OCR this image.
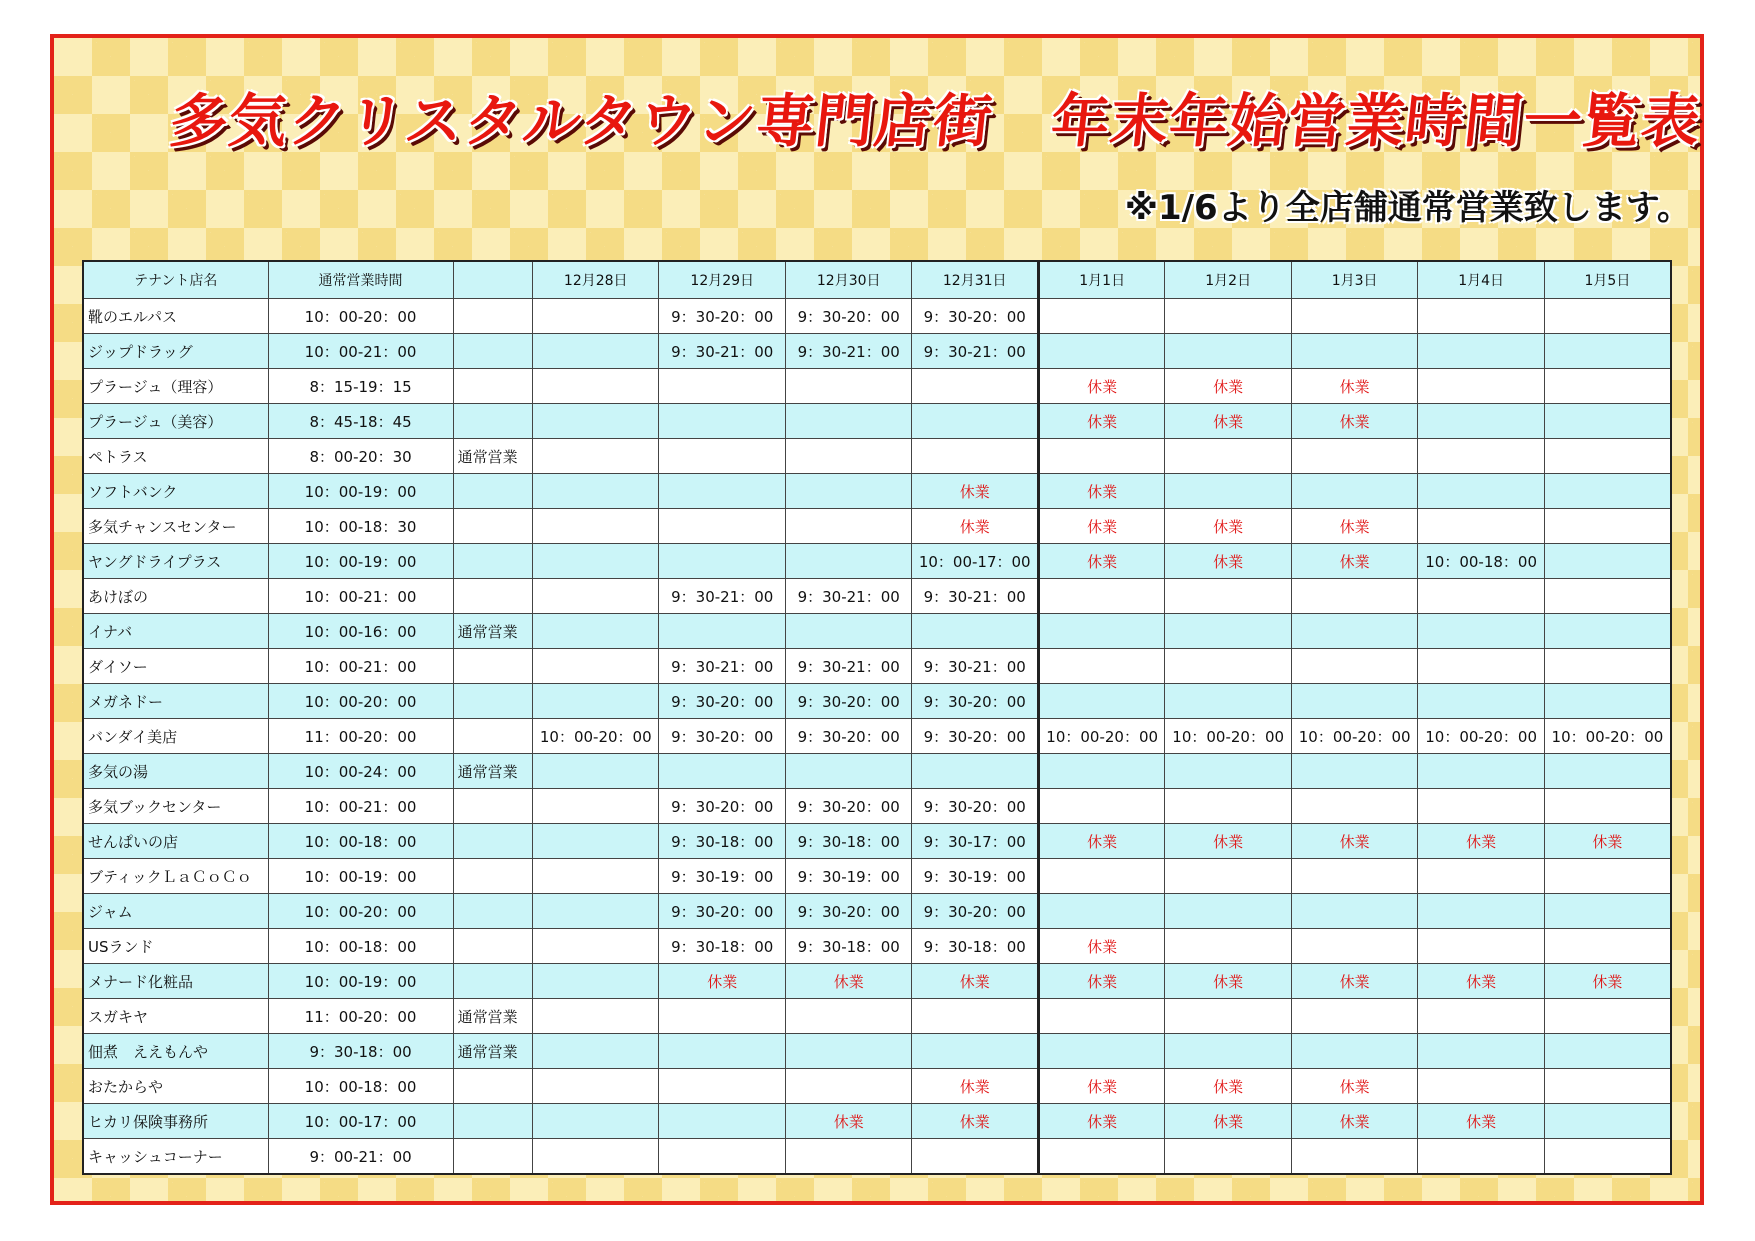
多気クリスタルタウン専門店街　年末年始営業時間一覧表
※1/6より全店舗通常営業致します。
テナント店名	通常営業時間		12月28日	12月29日	12月30日	12月31日	1月1日	1月2日	1月3日	1月4日	1月5日
靴のエルパス	10：00-20：00			9：30-20：00	9：30-20：00	9：30-20：00					
ジップドラッグ	10：00-21：00			9：30-21：00	9：30-21：00	9：30-21：00					
プラージュ（理容）	8：15-19：15						休業	休業	休業		
プラージュ（美容）	8：45-18：45						休業	休業	休業		
ペトラス	8：00-20：30	通常営業									
ソフトバンク	10：00-19：00					休業	休業				
多気チャンスセンター	10：00-18：30					休業	休業	休業	休業		
ヤングドライプラス	10：00-19：00					10：00-17：00	休業	休業	休業	10：00-18：00	
あけぼの	10：00-21：00			9：30-21：00	9：30-21：00	9：30-21：00					
イナバ	10：00-16：00	通常営業									
ダイソー	10：00-21：00			9：30-21：00	9：30-21：00	9：30-21：00					
メガネドー	10：00-20：00			9：30-20：00	9：30-20：00	9：30-20：00					
バンダイ美店	11：00-20：00		10：00-20：00	9：30-20：00	9：30-20：00	9：30-20：00	10：00-20：00	10：00-20：00	10：00-20：00	10：00-20：00	10：00-20：00
多気の湯	10：00-24：00	通常営業									
多気ブックセンター	10：00-21：00			9：30-20：00	9：30-20：00	9：30-20：00					
せんぱいの店	10：00-18：00			9：30-18：00	9：30-18：00	9：30-17：00	休業	休業	休業	休業	休業
ブティックＬａＣｏＣｏ	10：00-19：00			9：30-19：00	9：30-19：00	9：30-19：00					
ジャム	10：00-20：00			9：30-20：00	9：30-20：00	9：30-20：00					
USランド	10：00-18：00			9：30-18：00	9：30-18：00	9：30-18：00	休業				
メナード化粧品	10：00-19：00			休業	休業	休業	休業	休業	休業	休業	休業
スガキヤ	11：00-20：00	通常営業									
佃煮　ええもんや	9：30-18：00	通常営業									
おたからや	10：00-18：00					休業	休業	休業	休業		
ヒカリ保険事務所	10：00-17：00				休業	休業	休業	休業	休業	休業	
キャッシュコーナー	9：00-21：00										
